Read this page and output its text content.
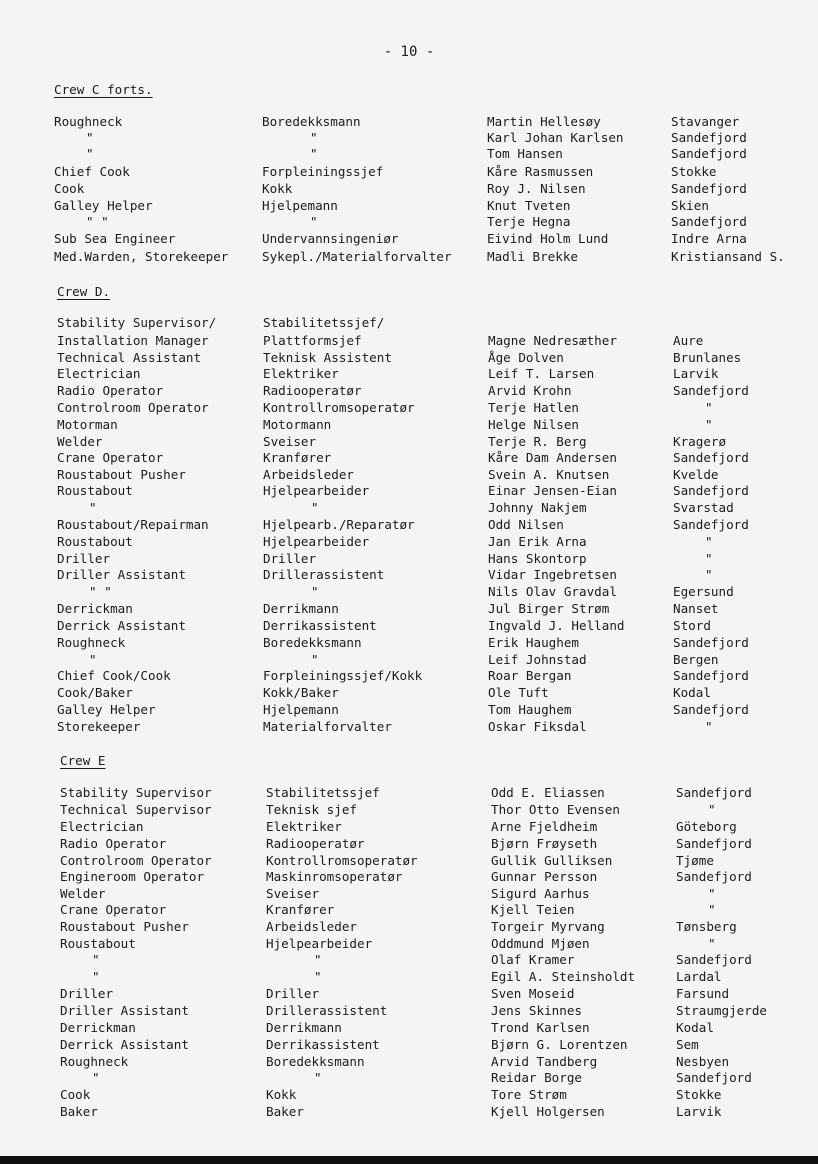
- 10 -
Crew C forts.
Roughneck	Boredekksmann	Martin Hellesøy	Stavanger
"	"	Karl Johan Karlsen	Sandefjord
"	"	Tom Hansen	Sandefjord
Chief Cook	Forpleiningssjef	Kåre Rasmussen	Stokke
Cook	Kokk	Roy J. Nilsen	Sandefjord
Galley Helper	Hjelpemann	Knut Tveten	Skien
" "	"	Terje Hegna	Sandefjord
Sub Sea Engineer	Undervannsingeniør	Eivind Holm Lund	Indre Arna
Med.Warden, Storekeeper	Sykepl./Materialforvalter	Madli Brekke	Kristiansand S.
Crew D.
Stability Supervisor/	Stabilitetssjef/
Installation Manager	Plattformsjef	Magne Nedresæther	Aure
Technical Assistant	Teknisk Assistent	Åge Dolven	Brunlanes
Electrician	Elektriker	Leif T. Larsen	Larvik
Radio Operator	Radiooperatør	Arvid Krohn	Sandefjord
Controlroom Operator	Kontrollromsoperatør	Terje Hatlen	"
Motorman	Motormann	Helge Nilsen	"
Welder	Sveiser	Terje R. Berg	Kragerø
Crane Operator	Kranfører	Kåre Dam Andersen	Sandefjord
Roustabout Pusher	Arbeidsleder	Svein A. Knutsen	Kvelde
Roustabout	Hjelpearbeider	Einar Jensen-Eian	Sandefjord
"	"	Johnny Nakjem	Svarstad
Roustabout/Repairman	Hjelpearb./Reparatør	Odd Nilsen	Sandefjord
Roustabout	Hjelpearbeider	Jan Erik Arna	"
Driller	Driller	Hans Skontorp	"
Driller Assistant	Drillerassistent	Vidar Ingebretsen	"
" "	"	Nils Olav Gravdal	Egersund
Derrickman	Derrikmann	Jul Birger Strøm	Nanset
Derrick Assistant	Derrikassistent	Ingvald J. Helland	Stord
Roughneck	Boredekksmann	Erik Haughem	Sandefjord
"	"	Leif Johnstad	Bergen
Chief Cook/Cook	Forpleiningssjef/Kokk	Roar Bergan	Sandefjord
Cook/Baker	Kokk/Baker	Ole Tuft	Kodal
Galley Helper	Hjelpemann	Tom Haughem	Sandefjord
Storekeeper	Materialforvalter	Oskar Fiksdal	"
Crew E
Stability Supervisor	Stabilitetssjef	Odd E. Eliassen	Sandefjord
Technical Supervisor	Teknisk sjef	Thor Otto Evensen	"
Electrician	Elektriker	Arne Fjeldheim	Göteborg
Radio Operator	Radiooperatør	Bjørn Frøyseth	Sandefjord
Controlroom Operator	Kontrollromsoperatør	Gullik Gulliksen	Tjøme
Engineroom Operator	Maskinromsoperatør	Gunnar Persson	Sandefjord
Welder	Sveiser	Sigurd Aarhus	"
Crane Operator	Kranfører	Kjell Teien	"
Roustabout Pusher	Arbeidsleder	Torgeir Myrvang	Tønsberg
Roustabout	Hjelpearbeider	Oddmund Mjøen	"
"	"	Olaf Kramer	Sandefjord
"	"	Egil A. Steinsholdt	Lardal
Driller	Driller	Sven Moseid	Farsund
Driller Assistant	Drillerassistent	Jens Skinnes	Straumgjerde
Derrickman	Derrikmann	Trond Karlsen	Kodal
Derrick Assistant	Derrikassistent	Bjørn G. Lorentzen	Sem
Roughneck	Boredekksmann	Arvid Tandberg	Nesbyen
"	"	Reidar Borge	Sandefjord
Cook	Kokk	Tore Strøm	Stokke
Baker	Baker	Kjell Holgersen	Larvik
